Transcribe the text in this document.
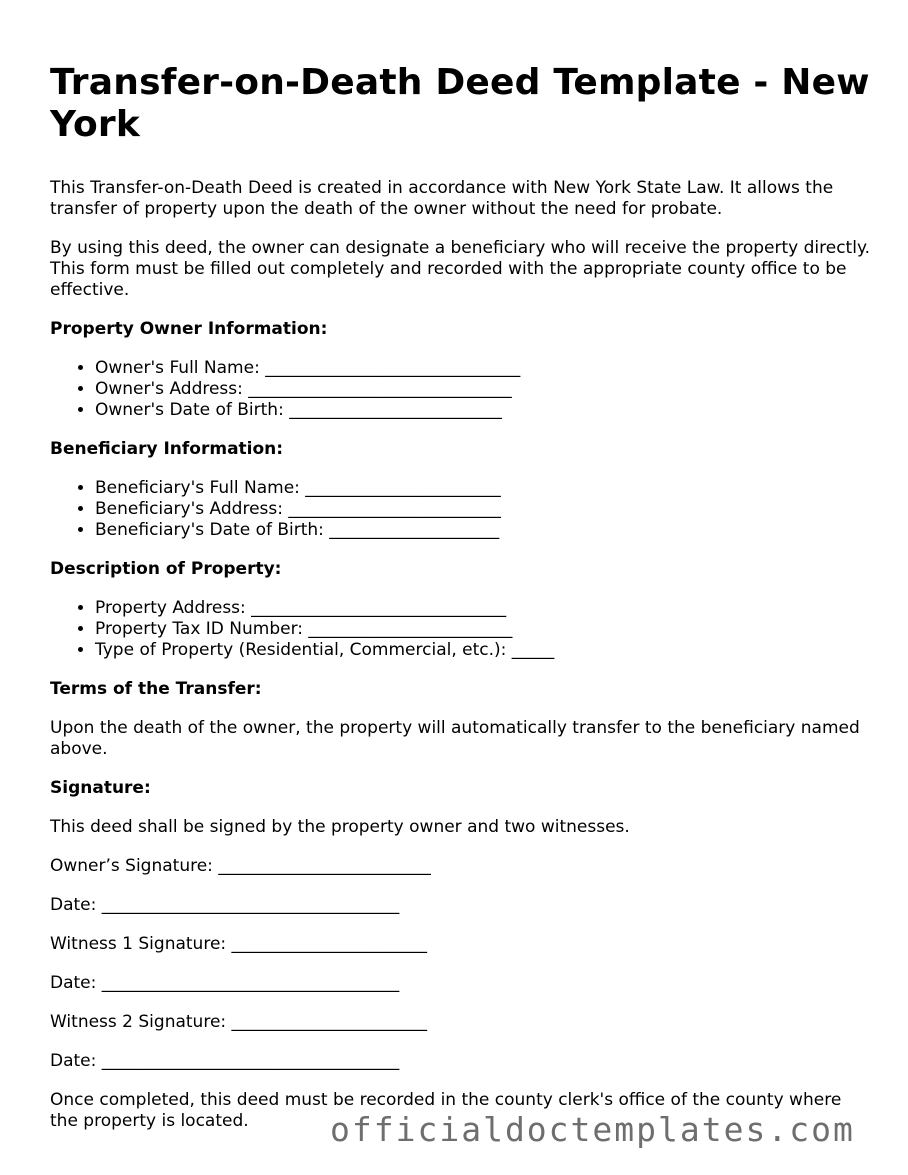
Transfer-on-Death Deed Template - New York

This Transfer-on-Death Deed is created in accordance with New York State Law. It allows the transfer of property upon the death of the owner without the need for probate.

By using this deed, the owner can designate a beneficiary who will receive the property directly. This form must be filled out completely and recorded with the appropriate county office to be effective.

Property Owner Information:
• Owner's Full Name: ______________________________
• Owner's Address: _______________________________
• Owner's Date of Birth: _________________________
Beneficiary Information:
• Beneficiary's Full Name: _______________________
• Beneficiary's Address: _________________________
• Beneficiary's Date of Birth: ____________________
Description of Property:
• Property Address: ______________________________
• Property Tax ID Number: ________________________
• Type of Property (Residential, Commercial, etc.): _____
Terms of the Transfer:

Upon the death of the owner, the property will automatically transfer to the beneficiary named above.

Signature:

This deed shall be signed by the property owner and two witnesses.

Owner’s Signature: _________________________

Date: ___________________________________

Witness 1 Signature: _______________________

Date: ___________________________________

Witness 2 Signature: _______________________

Date: ___________________________________

Once completed, this deed must be recorded in the county clerk's office of the county where the property is located.	officialdoctemplates.com
